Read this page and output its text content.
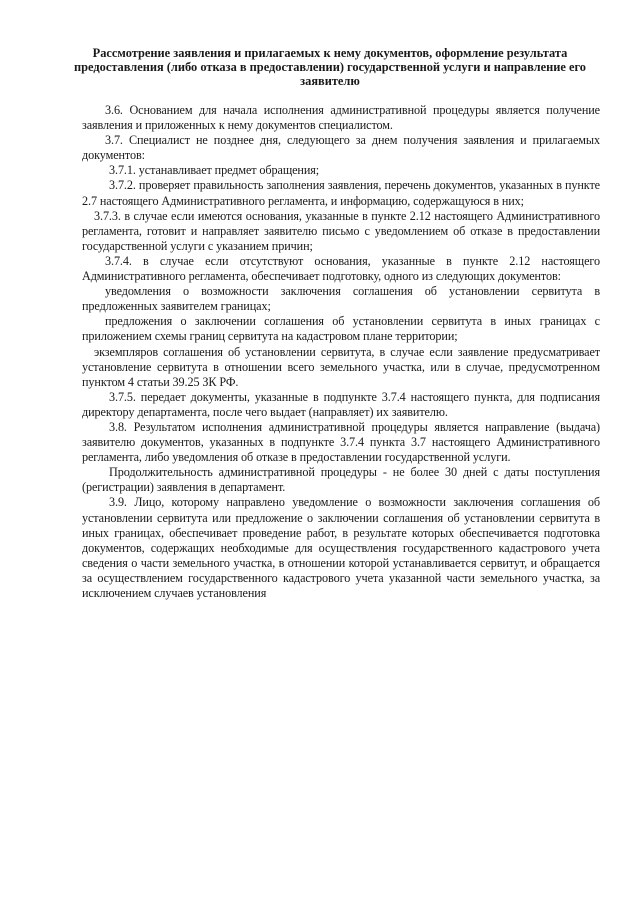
Рассмотрение заявления и прилагаемых к нему документов, оформление результата предоставления (либо отказа в предоставлении) государственной услуги и направление его заявителю

3.6. Основанием для начала исполнения административной процедуры является получение заявления и приложенных к нему документов специалистом.

3.7. Специалист не позднее дня, следующего за днем получения заявления и прилагаемых документов:

3.7.1. устанавливает предмет обращения;

3.7.2. проверяет правильность заполнения заявления, перечень документов, указанных в пункте 2.7 настоящего Административного регламента, и информацию, содержащуюся в них;

3.7.3. в случае если имеются основания, указанные в пункте 2.12 настоящего Административного регламента, готовит и направляет заявителю письмо с уведомлением об отказе в предоставлении государственной услуги с указанием причин;

3.7.4. в случае если отсутствуют основания, указанные в пункте 2.12 настоящего Административного регламента, обеспечивает подготовку, одного из следующих документов:

уведомления о возможности заключения соглашения об установлении сервитута в предложенных заявителем границах;

предложения о заключении соглашения об установлении сервитута в иных границах с приложением схемы границ сервитута на кадастровом плане территории;

экземпляров соглашения об установлении сервитута, в случае если заявление предусматривает установление сервитута в отношении всего земельного участка, или в случае, предусмотренном пунктом 4 статьи 39.25 ЗК РФ.

3.7.5. передает документы, указанные в подпункте 3.7.4 настоящего пункта, для подписания директору департамента, после чего выдает (направляет) их заявителю.

3.8. Результатом исполнения административной процедуры является направление (выдача) заявителю документов, указанных в подпункте 3.7.4 пункта 3.7 настоящего Административного регламента, либо уведомления об отказе в предоставлении государственной услуги.

Продолжительность административной процедуры - не более 30 дней с даты поступления (регистрации) заявления в департамент.

3.9. Лицо, которому направлено уведомление о возможности заключения соглашения об установлении сервитута или предложение о заключении соглашения об установлении сервитута в иных границах, обеспечивает проведение работ, в результате которых обеспечивается подготовка документов, содержащих необходимые для осуществления государственного кадастрового учета сведения о части земельного участка, в отношении которой устанавливается сервитут, и обращается за осуществлением государственного кадастрового учета указанной части земельного участка, за исключением случаев установления
